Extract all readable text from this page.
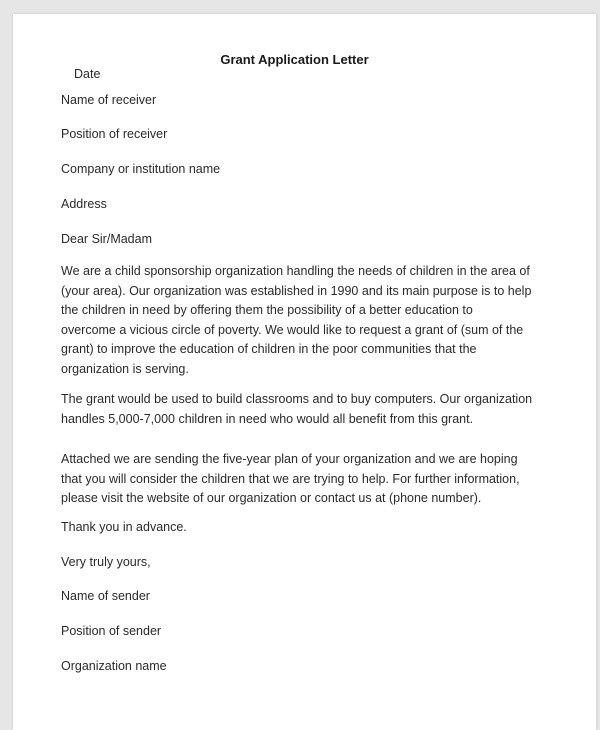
Grant Application Letter
Date
Name of receiver
Position of receiver
Company or institution name
Address
Dear Sir/Madam
We are a child sponsorship organization handling the needs of children in the area of
(your area). Our organization was established in 1990 and its main purpose is to help
the children in need by offering them the possibility of a better education to
overcome a vicious circle of poverty. We would like to request a grant of (sum of the
grant) to improve the education of children in the poor communities that the
organization is serving.
The grant would be used to build classrooms and to buy computers. Our organization
handles 5,000-7,000 children in need who would all benefit from this grant.
Attached we are sending the five-year plan of your organization and we are hoping
that you will consider the children that we are trying to help. For further information,
please visit the website of our organization or contact us at (phone number).
Thank you in advance.
Very truly yours,
Name of sender
Position of sender
Organization name
